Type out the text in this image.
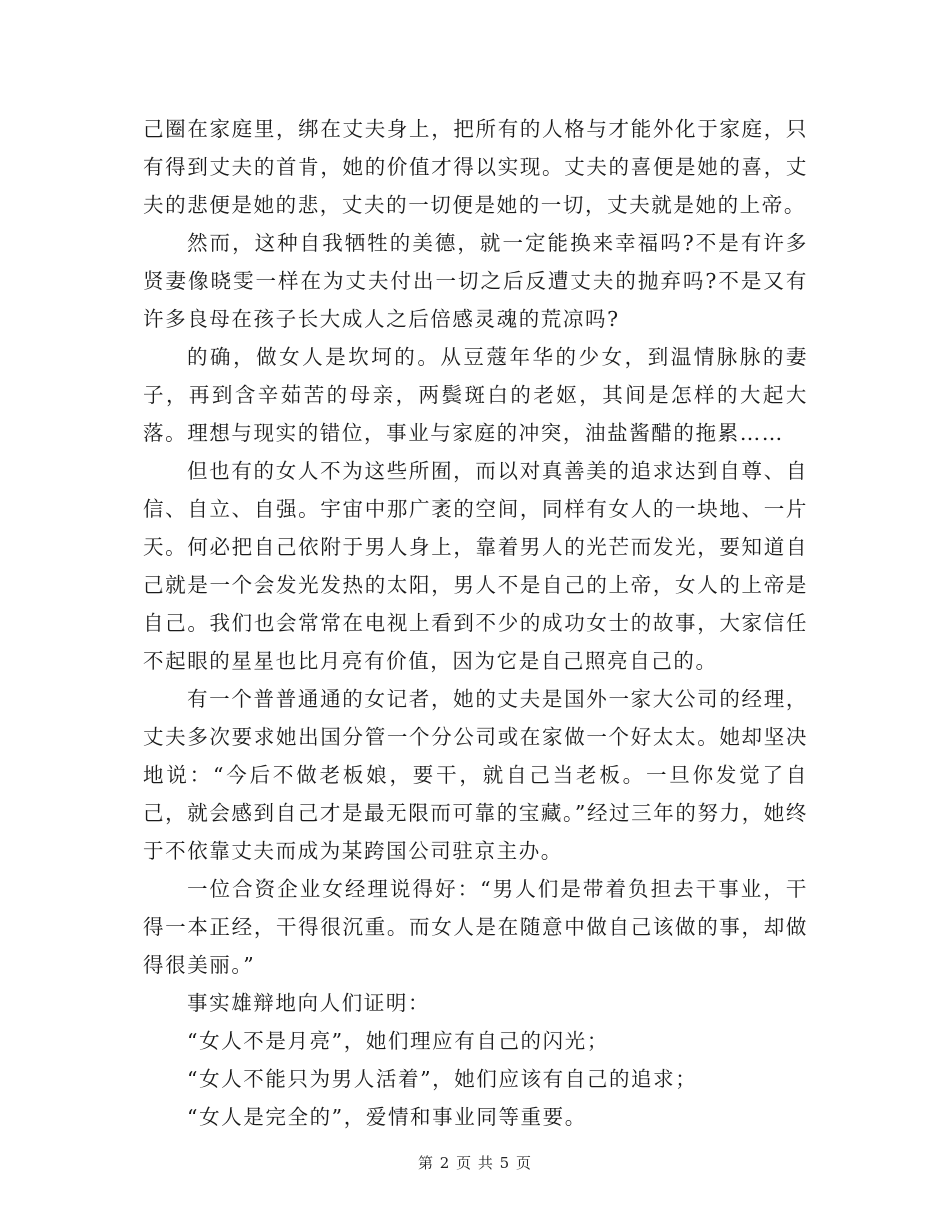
己圈在家庭里，绑在丈夫身上，把所有的人格与才能外化于家庭，只有得到丈夫的首肯，她的价值才得以实现。丈夫的喜便是她的喜，丈夫的悲便是她的悲，丈夫的一切便是她的一切，丈夫就是她的上帝。

然而，这种自我牺牲的美德，就一定能换来幸福吗?不是有许多贤妻像晓雯一样在为丈夫付出一切之后反遭丈夫的抛弃吗?不是又有许多良母在孩子长大成人之后倍感灵魂的荒凉吗?

的确，做女人是坎坷的。从豆蔻年华的少女，到温情脉脉的妻子，再到含辛茹苦的母亲，两鬓斑白的老妪，其间是怎样的大起大落。理想与现实的错位，事业与家庭的冲突，油盐酱醋的拖累……

但也有的女人不为这些所囿，而以对真善美的追求达到自尊、自信、自立、自强。宇宙中那广袤的空间，同样有女人的一块地、一片天。何必把自己依附于男人身上，靠着男人的光芒而发光，要知道自己就是一个会发光发热的太阳，男人不是自己的上帝，女人的上帝是自己。我们也会常常在电视上看到不少的成功女士的故事，大家信任不起眼的星星也比月亮有价值，因为它是自己照亮自己的。

有一个普普通通的女记者，她的丈夫是国外一家大公司的经理，丈夫多次要求她出国分管一个分公司或在家做一个好太太。她却坚决地说：“今后不做老板娘，要干，就自己当老板。一旦你发觉了自己，就会感到自己才是最无限而可靠的宝藏。”经过三年的努力，她终于不依靠丈夫而成为某跨国公司驻京主办。

一位合资企业女经理说得好：“男人们是带着负担去干事业，干得一本正经，干得很沉重。而女人是在随意中做自己该做的事，却做得很美丽。”

事实雄辩地向人们证明：

“女人不是月亮”，她们理应有自己的闪光；

“女人不能只为男人活着”，她们应该有自己的追求；

“女人是完全的”，爱情和事业同等重要。

第 2 页 共 5 页
